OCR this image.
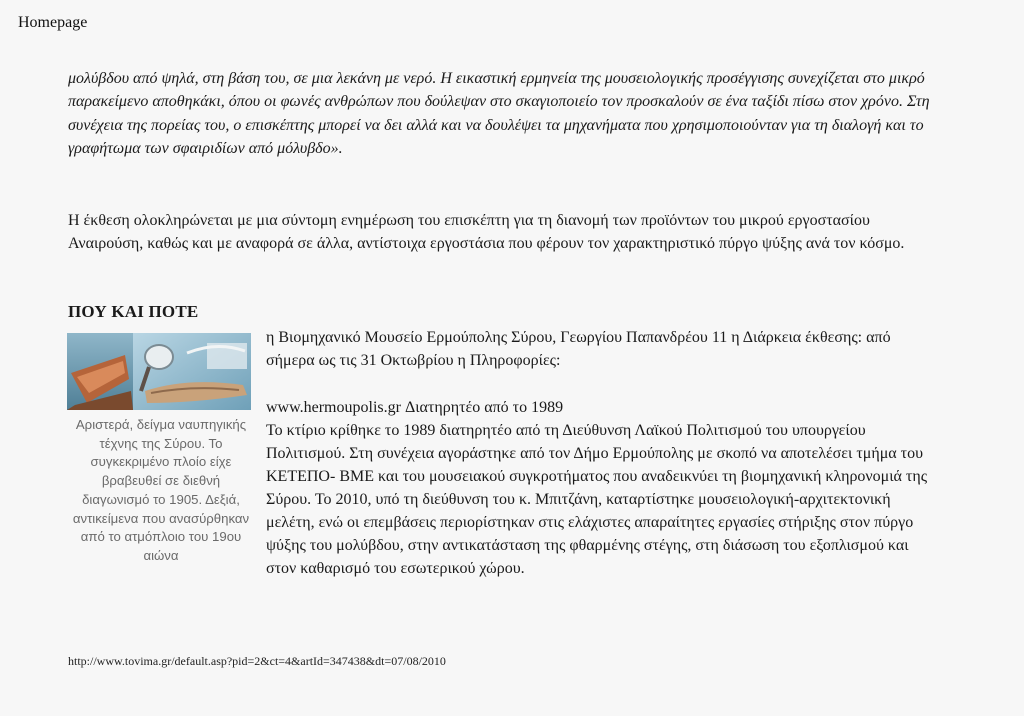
Homepage
μολύβδου από ψηλά, στη βάση του, σε μια λεκάνη με νερό. Η εικαστική ερμηνεία της μουσειολογικής προσέγγισης συνεχίζεται στο μικρό παρακείμενο αποθηκάκι, όπου οι φωνές ανθρώπων που δούλεψαν στο σκαγιοποιείο τον προσκαλούν σε ένα ταξίδι πίσω στον χρόνο. Στη συνέχεια της πορείας του, ο επισκέπτης μπορεί να δει αλλά και να δουλέψει τα μηχανήματα που χρησιμοποιούνταν για τη διαλογή και το γραφήτωμα των σφαιριδίων από μόλυβδο».
Η έκθεση ολοκληρώνεται με μια σύντομη ενημέρωση του επισκέπτη για τη διανομή των προϊόντων του μικρού εργοστασίου Αναιρούση, καθώς και με αναφορά σε άλλα, αντίστοιχα εργοστάσια που φέρουν τον χαρακτηριστικό πύργο ψύξης ανά τον κόσμο.
ΠΟΥ ΚΑΙ ΠΟΤΕ
Αριστερά, δείγμα ναυπηγικής τέχνης της Σύρου. Το συγκεκριμένο πλοίο είχε βραβευθεί σε διεθνή διαγωνισμό το 1905. Δεξιά, αντικείμενα που ανασύρθηκαν από το ατμόπλοιο του 19ου αιώνα

η Βιομηχανικό Μουσείο Ερμούπολης Σύρου, Γεωργίου Παπανδρέου 11 η Διάρκεια έκθεσης: από σήμερα ως τις 31 Οκτωβρίου η Πληροφορίες:

www.hermoupolis.gr Διατηρητέο από το 1989

Το κτίριο κρίθηκε το 1989 διατηρητέο από τη Διεύθυνση Λαϊκού Πολιτισμού του υπουργείου Πολιτισμού. Στη συνέχεια αγοράστηκε από τον Δήμο Ερμούπολης με σκοπό να αποτελέσει τμήμα του ΚΕΤΕΠΟ- ΒΜΕ και του μουσειακού συγκροτήματος που αναδεικνύει τη βιομηχανική κληρονομιά της Σύρου. Το 2010, υπό τη διεύθυνση του κ. Μπιτζάνη, καταρτίστηκε μουσειολογική-αρχιτεκτονική μελέτη, ενώ οι επεμβάσεις περιορίστηκαν στις ελάχιστες απαραίτητες εργασίες στήριξης στον πύργο ψύξης του μολύβδου, στην αντικατάσταση της φθαρμένης στέγης, στη διάσωση του εξοπλισμού και στον καθαρισμό του εσωτερικού χώρου.

http://www.tovima.gr/default.asp?pid=2&ct=4&artId=347438&dt=07/08/2010
